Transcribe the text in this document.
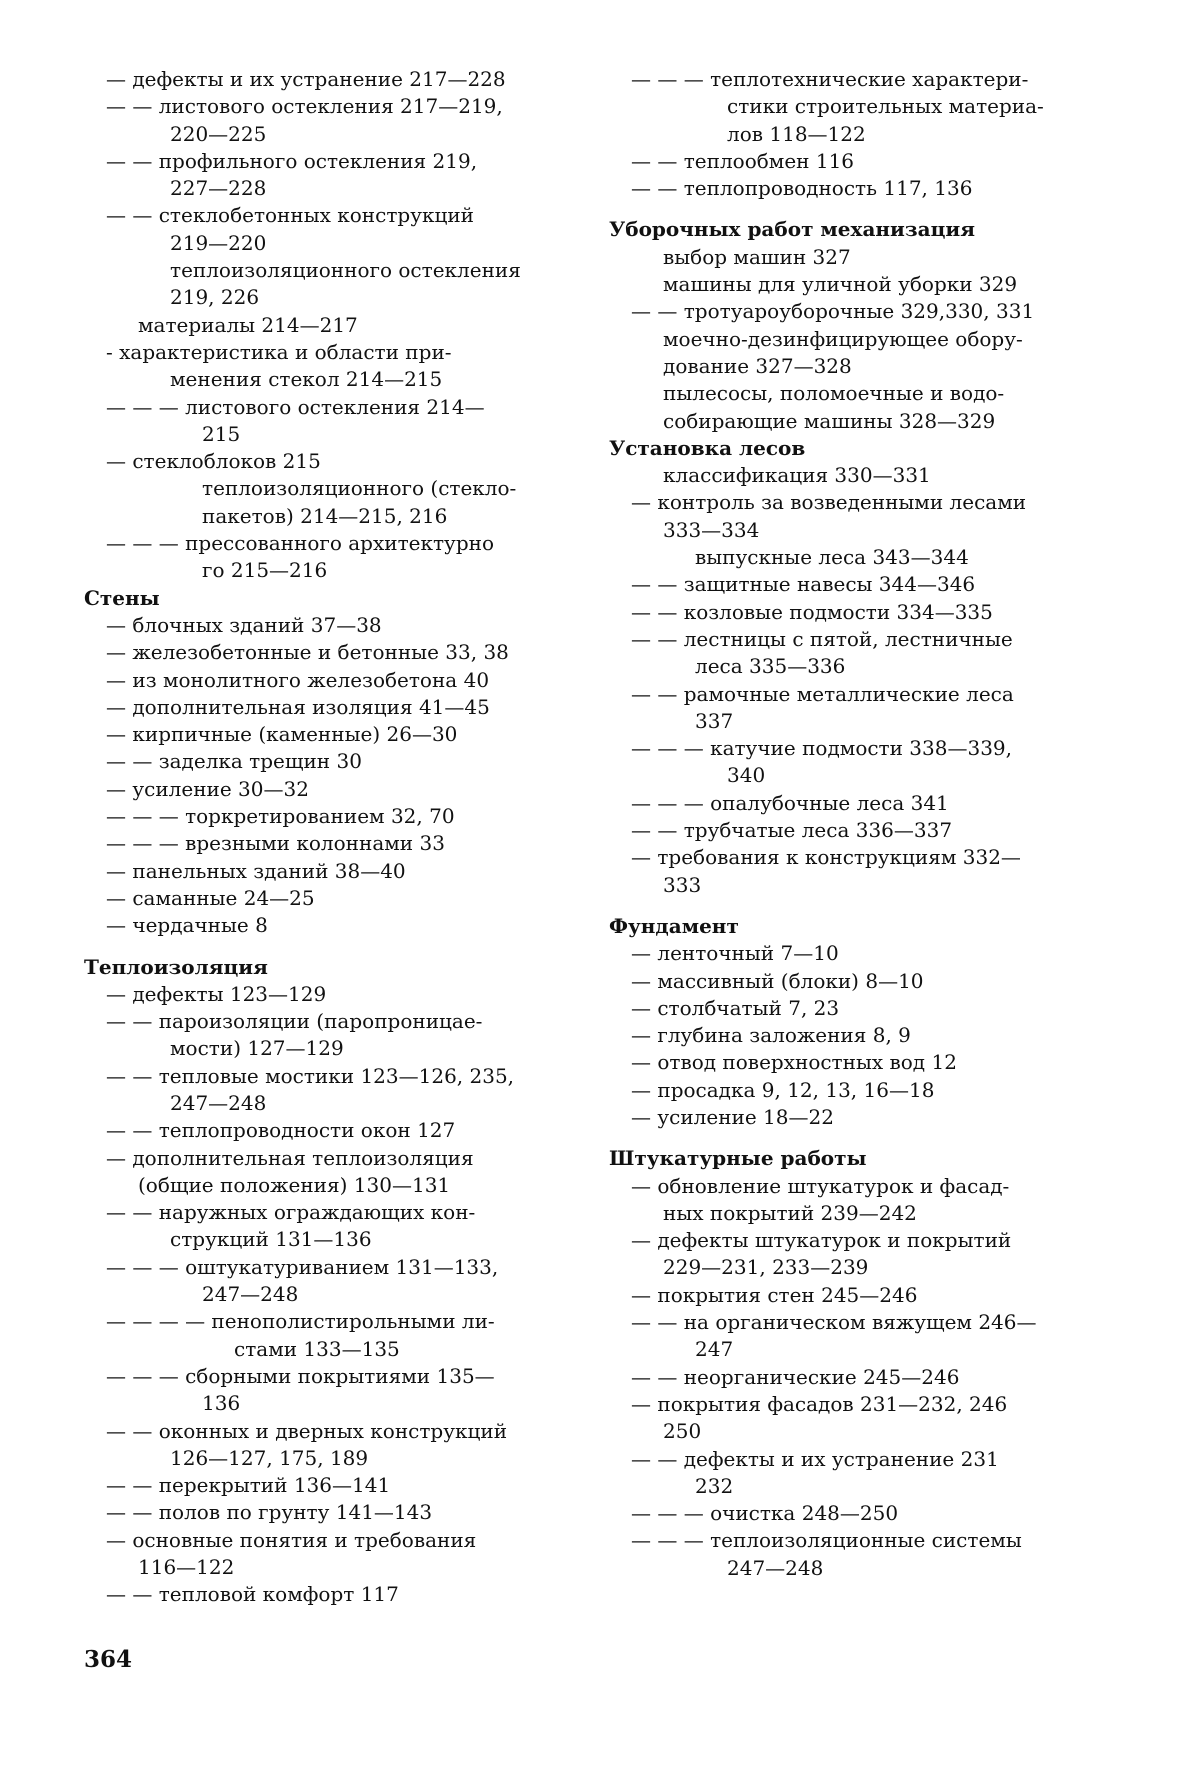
— дефекты и их устранение 217—228
— — листового остекления 217—219,
220—225
— — профильного остекления 219,
227—228
— — стеклобетонных конструкций
219—220
теплоизоляционного остекления
219, 226
материалы 214—217
- характеристика и области при-
менения стекол 214—215
— — — листового остекления 214—
215
— стеклоблоков 215
теплоизоляционного (стекло-
пакетов) 214—215, 216
— — — прессованного архитектурно
го 215—216
Стены
— блочных зданий 37—38
— железобетонные и бетонные 33, 38
— из монолитного железобетона 40
— дополнительная изоляция 41—45
— кирпичные (каменные) 26—30
— — заделка трещин 30
— усиление 30—32
— — — торкретированием 32, 70
— — — врезными колоннами 33
— панельных зданий 38—40
— саманные 24—25
— чердачные 8
Теплоизоляция
— дефекты 123—129
— — пароизоляции (паропроницае-
мости) 127—129
— — тепловые мостики 123—126, 235,
247—248
— — теплопроводности окон 127
— дополнительная теплоизоляция
(общие положения) 130—131
— — наружных ограждающих кон-
струкций 131—136
— — — оштукатуриванием 131—133,
247—248
— — — — пенополистирольными ли-
стами 133—135
— — — сборными покрытиями 135—
136
— — оконных и дверных конструкций
126—127, 175, 189
— — перекрытий 136—141
— — полов по грунту 141—143
— основные понятия и требования
116—122
— — тепловой комфорт 117
— — — теплотехнические характери-
стики строительных материа-
лов 118—122
— — теплообмен 116
— — теплопроводность 117, 136
Уборочных работ механизация
выбор машин 327
машины для уличной уборки 329
— — тротуароуборочные 329,330, 331
моечно-дезинфицирующее обору-
дование 327—328
пылесосы, поломоечные и водо-
собирающие машины 328—329
Установка лесов
классификация 330—331
— контроль за возведенными лесами
333—334
выпускные леса 343—344
— — защитные навесы 344—346
— — козловые подмости 334—335
— — лестницы с пятой, лестничные
леса 335—336
— — рамочные металлические леса
337
— — — катучие подмости 338—339,
340
— — — опалубочные леса 341
— — трубчатые леса 336—337
— требования к конструкциям 332—
333
Фундамент
— ленточный 7—10
— массивный (блоки) 8—10
— столбчатый 7, 23
— глубина заложения 8, 9
— отвод поверхностных вод 12
— просадка 9, 12, 13, 16—18
— усиление 18—22
Штукатурные работы
— обновление штукатурок и фасад-
ных покрытий 239—242
— дефекты штукатурок и покрытий
229—231, 233—239
— покрытия стен 245—246
— — на органическом вяжущем 246—
247
— — неорганические 245—246
— покрытия фасадов 231—232, 246
250
— — дефекты и их устранение 231
232
— — — очистка 248—250
— — — теплоизоляционные системы
247—248
364
